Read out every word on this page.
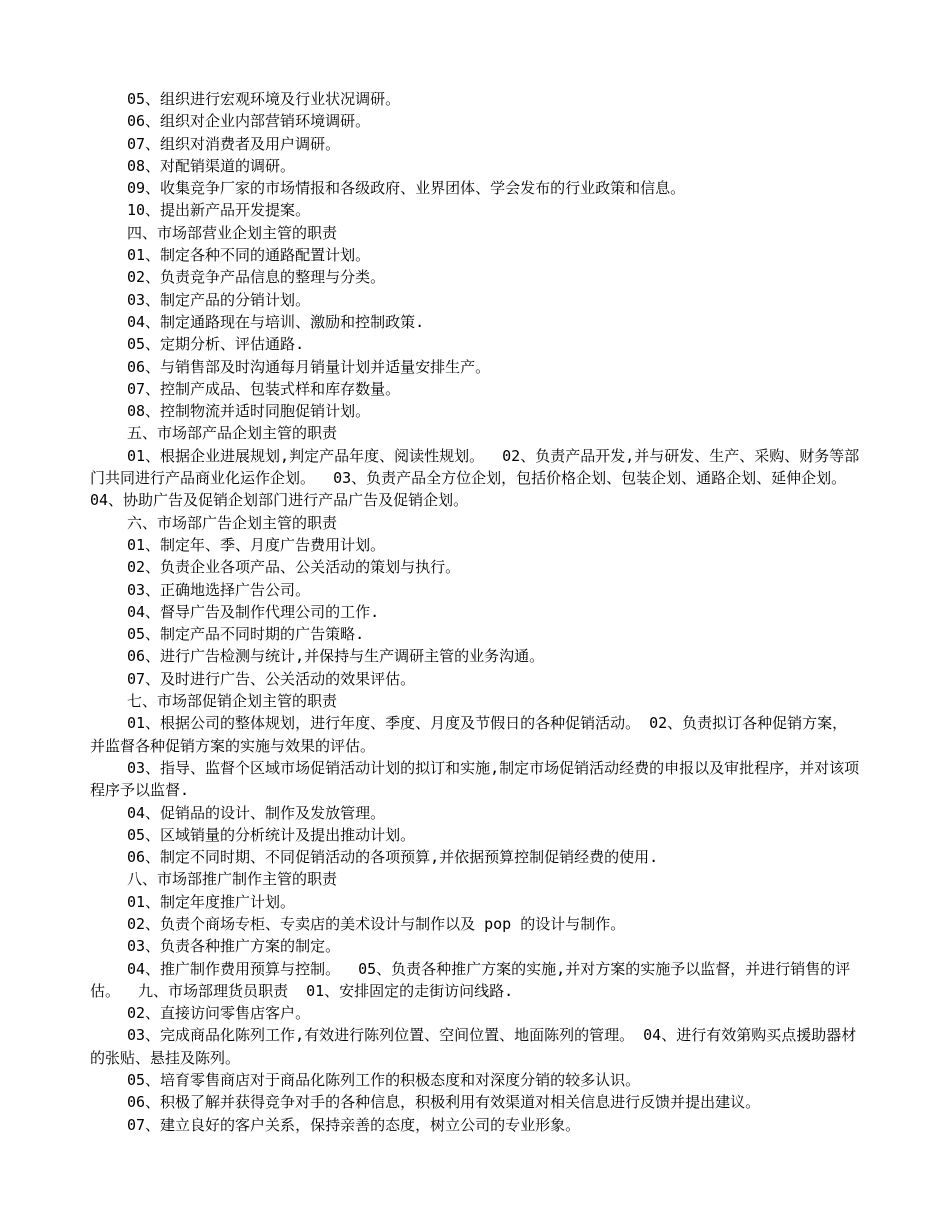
05、组织进行宏观环境及行业状况调研。

06、组织对企业内部营销环境调研。

07、组织对消费者及用户调研。

08、对配销渠道的调研。

09、收集竞争厂家的市场情报和各级政府、业界团体、学会发布的行业政策和信息。

10、提出新产品开发提案。

四、市场部营业企划主管的职责

01、制定各种不同的通路配置计划。

02、负责竞争产品信息的整理与分类。

03、制定产品的分销计划。

04、制定通路现在与培训、激励和控制政策.

05、定期分析、评估通路.

06、与销售部及时沟通每月销量计划并适量安排生产。

07、控制产成品、包装式样和库存数量。

08、控制物流并适时同胞促销计划。

五、市场部产品企划主管的职责

01、根据企业进展规划,判定产品年度、阅读性规划。  02、负责产品开发,并与研发、生产、采购、财务等部门共同进行产品商业化运作企划。  03、负责产品全方位企划，包括价格企划、包装企划、通路企划、延伸企划。  04、协助广告及促销企划部门进行产品广告及促销企划。

六、市场部广告企划主管的职责

01、制定年、季、月度广告费用计划。

02、负责企业各项产品、公关活动的策划与执行。

03、正确地选择广告公司。

04、督导广告及制作代理公司的工作.

05、制定产品不同时期的广告策略.

06、进行广告检测与统计,并保持与生产调研主管的业务沟通。

07、及时进行广告、公关活动的效果评估。

七、市场部促销企划主管的职责

01、根据公司的整体规划，进行年度、季度、月度及节假日的各种促销活动。 02、负责拟订各种促销方案，并监督各种促销方案的实施与效果的评估。

03、指导、监督个区域市场促销活动计划的拟订和实施,制定市场促销活动经费的申报以及审批程序，并对该项程序予以监督.

04、促销品的设计、制作及发放管理。

05、区域销量的分析统计及提出推动计划。

06、制定不同时期、不同促销活动的各项预算,并依据预算控制促销经费的使用.

八、市场部推广制作主管的职责

01、制定年度推广计划。

02、负责个商场专柜、专卖店的美术设计与制作以及 pop 的设计与制作。

03、负责各种推广方案的制定。

04、推广制作费用预算与控制。  05、负责各种推广方案的实施,并对方案的实施予以监督，并进行销售的评估。  九、市场部理货员职责  01、安排固定的走街访问线路.

02、直接访问零售店客户。

03、完成商品化陈列工作,有效进行陈列位置、空间位置、地面陈列的管理。 04、进行有效第购买点援助器材的张贴、悬挂及陈列。

05、培育零售商店对于商品化陈列工作的积极态度和对深度分销的较多认识。

06、积极了解并获得竞争对手的各种信息，积极利用有效渠道对相关信息进行反馈并提出建议。

07、建立良好的客户关系，保持亲善的态度，树立公司的专业形象。
